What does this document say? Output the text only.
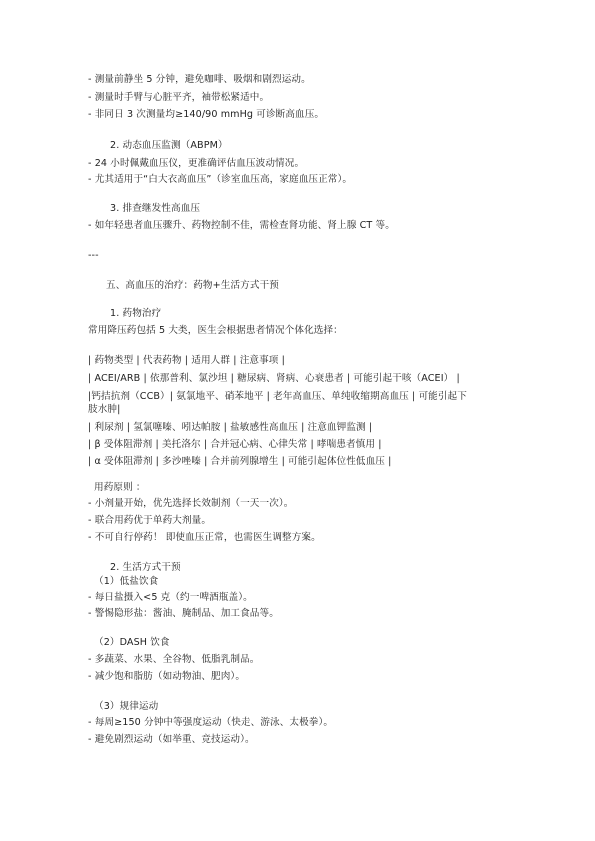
- 测量前静坐 5 分钟，避免咖啡、吸烟和剧烈运动。
- 测量时手臂与心脏平齐，袖带松紧适中。
- 非同日 3 次测量均≥140/90 mmHg 可诊断高血压。
2. 动态血压监测（ABPM）
- 24 小时佩戴血压仪，更准确评估血压波动情况。
- 尤其适用于“白大衣高血压”（诊室血压高，家庭血压正常）。
3. 排查继发性高血压
- 如年轻患者血压骤升、药物控制不佳，需检查肾功能、肾上腺 CT 等。
---
五、高血压的治疗：药物+生活方式干预
1. 药物治疗
常用降压药包括 5 大类，医生会根据患者情况个体化选择：
| 药物类型 | 代表药物 | 适用人群 | 注意事项 |
| ACEI/ARB | 依那普利、氯沙坦 | 糖尿病、肾病、心衰患者 | 可能引起干咳（ACEI） |
|钙拮抗剂（CCB）| 氨氯地平、硝苯地平 | 老年高血压、单纯收缩期高血压 | 可能引起下
肢水肿|
| 利尿剂 | 氢氯噻嗪、吲达帕胺 | 盐敏感性高血压 | 注意血钾监测 |
| β 受体阻滞剂 | 美托洛尔 | 合并冠心病、心律失常 | 哮喘患者慎用 |
| α 受体阻滞剂 | 多沙唑嗪 | 合并前列腺增生 | 可能引起体位性低血压 |
用药原则 ：
- 小剂量开始，优先选择长效制剂（一天一次）。
- 联合用药优于单药大剂量。
- 不可自行停药！ 即使血压正常，也需医生调整方案。
2. 生活方式干预
（1）低盐饮食
- 每日盐摄入<5 克（约一啤酒瓶盖）。
- 警惕隐形盐：酱油、腌制品、加工食品等。
（2）DASH 饮食
- 多蔬菜、水果、全谷物、低脂乳制品。
- 减少饱和脂肪（如动物油、肥肉）。
（3）规律运动
- 每周≥150 分钟中等强度运动（快走、游泳、太极拳）。
- 避免剧烈运动（如举重、竞技运动）。
